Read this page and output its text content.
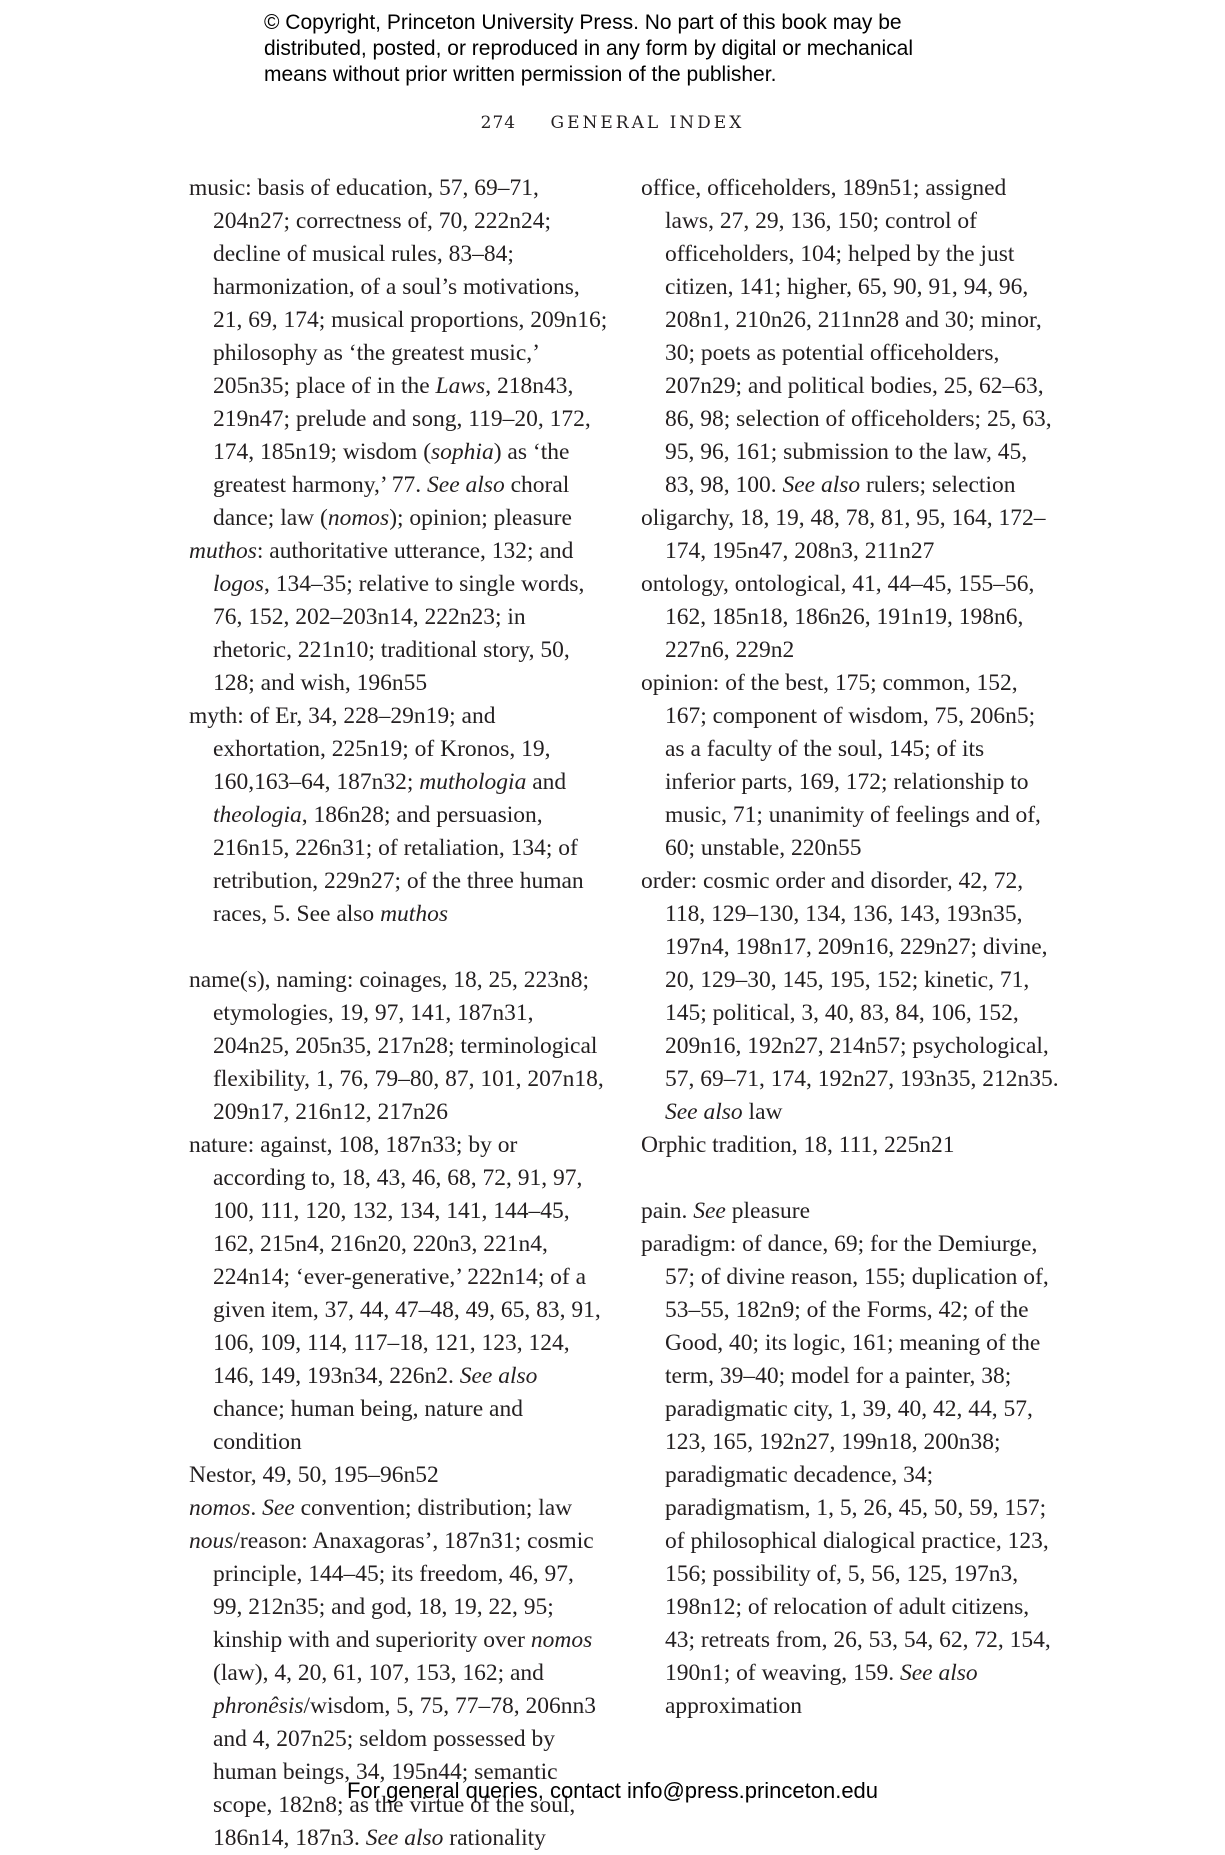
© Copyright, Princeton University Press. No part of this book may be
distributed, posted, or reproduced in any form by digital or mechanical
means without prior written permission of the publisher.
274 GENERAL INDEX

music: basis of education, 57, 69–71, 204n27; correctness of, 70, 222n24; decline of musical rules, 83–84; harmonization, of a soul’s motivations, 21, 69, 174; musical proportions, 209n16; philosophy as ‘the greatest music,’ 205n35; place of in the Laws, 218n43, 219n47; prelude and song, 119–20, 172, 174, 185n19; wisdom (sophia) as ‘the greatest harmony,’ 77. See also choral dance; law (nomos); opinion; pleasure

muthos: authoritative utterance, 132; and logos, 134–35; relative to single words, 76, 152, 202–203n14, 222n23; in rhetoric, 221n10; traditional story, 50, 128; and wish, 196n55

myth: of Er, 34, 228–29n19; and exhortation, 225n19; of Kronos, 19, 160,163–64, 187n32; muthologia and theologia, 186n28; and persuasion, 216n15, 226n31; of retaliation, 134; of retribution, 229n27; of the three human races, 5. See also muthos

name(s), naming: coinages, 18, 25, 223n8; etymologies, 19, 97, 141, 187n31, 204n25, 205n35, 217n28; terminological flexibility, 1, 76, 79–80, 87, 101, 207n18, 209n17, 216n12, 217n26

nature: against, 108, 187n33; by or according to, 18, 43, 46, 68, 72, 91, 97, 100, 111, 120, 132, 134, 141, 144–45, 162, 215n4, 216n20, 220n3, 221n4, 224n14; ‘ever-generative,’ 222n14; of a given item, 37, 44, 47–48, 49, 65, 83, 91, 106, 109, 114, 117–18, 121, 123, 124, 146, 149, 193n34, 226n2. See also chance; human being, nature and condition

Nestor, 49, 50, 195–96n52

nomos. See convention; distribution; law

nous/reason: Anaxagoras’, 187n31; cosmic principle, 144–45; its freedom, 46, 97, 99, 212n35; and god, 18, 19, 22, 95; kinship with and superiority over nomos (law), 4, 20, 61, 107, 153, 162; and phronêsis/wisdom, 5, 75, 77–78, 206nn3 and 4, 207n25; seldom possessed by human beings, 34, 195n44; semantic scope, 182n8; as the virtue of the soul, 186n14, 187n3. See also rationality

office, officeholders, 189n51; assigned laws, 27, 29, 136, 150; control of officeholders, 104; helped by the just citizen, 141; higher, 65, 90, 91, 94, 96, 208n1, 210n26, 211nn28 and 30; minor, 30; poets as potential officeholders, 207n29; and political bodies, 25, 62–63, 86, 98; selection of officeholders; 25, 63, 95, 96, 161; submission to the law, 45, 83, 98, 100. See also rulers; selection

oligarchy, 18, 19, 48, 78, 81, 95, 164, 172–174, 195n47, 208n3, 211n27

ontology, ontological, 41, 44–45, 155–56, 162, 185n18, 186n26, 191n19, 198n6, 227n6, 229n2

opinion: of the best, 175; common, 152, 167; component of wisdom, 75, 206n5; as a faculty of the soul, 145; of its inferior parts, 169, 172; relationship to music, 71; unanimity of feelings and of, 60; unstable, 220n55

order: cosmic order and disorder, 42, 72, 118, 129–130, 134, 136, 143, 193n35, 197n4, 198n17, 209n16, 229n27; divine, 20, 129–30, 145, 195, 152; kinetic, 71, 145; political, 3, 40, 83, 84, 106, 152, 209n16, 192n27, 214n57; psychological, 57, 69–71, 174, 192n27, 193n35, 212n35. See also law

Orphic tradition, 18, 111, 225n21

pain. See pleasure

paradigm: of dance, 69; for the Demiurge, 57; of divine reason, 155; duplication of, 53–55, 182n9; of the Forms, 42; of the Good, 40; its logic, 161; meaning of the term, 39–40; model for a painter, 38; paradigmatic city, 1, 39, 40, 42, 44, 57, 123, 165, 192n27, 199n18, 200n38; paradigmatic decadence, 34; paradigmatism, 1, 5, 26, 45, 50, 59, 157; of philosophical dialogical practice, 123, 156; possibility of, 5, 56, 125, 197n3, 198n12; of relocation of adult citizens, 43; retreats from, 26, 53, 54, 62, 72, 154, 190n1; of weaving, 159. See also approximation

For general queries, contact info@press.princeton.edu
